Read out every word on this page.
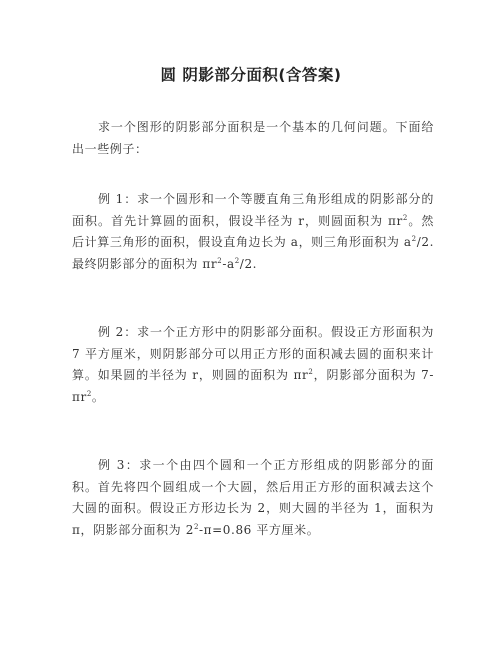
圆 阴影部分面积(含答案)

求一个图形的阴影部分面积是一个基本的几何问题。下面给出一些例子：

例 1：求一个圆形和一个等腰直角三角形组成的阴影部分的面积。首先计算圆的面积，假设半径为 r，则圆面积为 $\pi r^2$。然后计算三角形的面积，假设直角边长为 a，则三角形面积为 $a^2/2$.最终阴影部分的面积为 $\pi r^2-a^2/2$.

例 2：求一个正方形中的阴影部分面积。假设正方形面积为 7 平方厘米，则阴影部分可以用正方形的面积减去圆的面积来计算。如果圆的半径为 r，则圆的面积为 $\pi r^2$，阴影部分面积为 $7-\pi r^2$。

例 3：求一个由四个圆和一个正方形组成的阴影部分的面积。首先将四个圆组成一个大圆，然后用正方形的面积减去这个大圆的面积。假设正方形边长为 2，则大圆的半径为 1，面积为 π，阴影部分面积为 $2^2-\pi=0.86$ 平方厘米。
